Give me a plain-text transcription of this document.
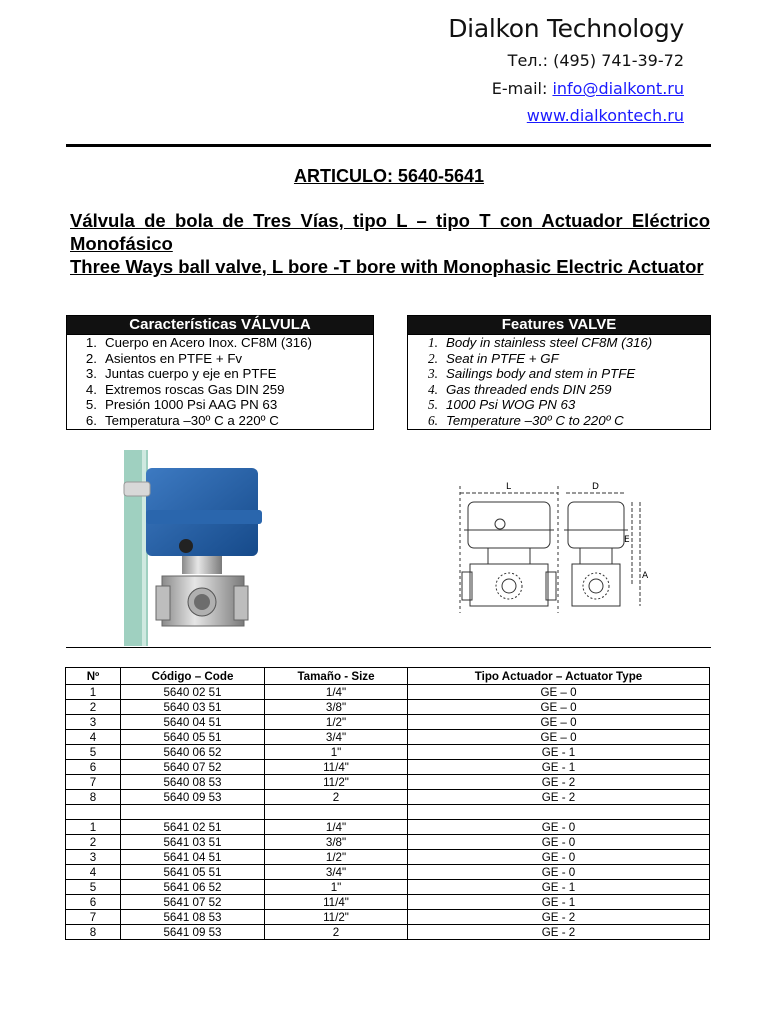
Dialkon Technology
Тел.: (495) 741-39-72
E-mail: info@dialkont.ru
www.dialkontech.ru
ARTICULO: 5640-5641
Válvula de bola de Tres Vías, tipo L – tipo T con Actuador Eléctrico Monofásico
Three Ways ball valve, L bore -T bore with Monophasic Electric Actuator
Características VÁLVULA
1. Cuerpo en Acero Inox. CF8M (316)
2. Asientos en PTFE + Fv
3. Juntas cuerpo y eje en PTFE
4. Extremos roscas Gas DIN 259
5. Presión 1000 Psi AAG PN 63
6. Temperatura –30º C a 220º C
Features VALVE
1. Body in stainless steel CF8M (316)
2. Seat in PTFE + GF
3. Sailings body and stem in PTFE
4. Gas threaded ends DIN 259
5. 1000 Psi WOG PN 63
6. Temperature –30º C to 220º C
L	D
E
A
Nº	Código – Code	Tamaño - Size	Tipo Actuador – Actuator Type
1	5640 02 51	1/4"	GE – 0
2	5640 03 51	3/8"	GE – 0
3	5640 04 51	1/2"	GE – 0
4	5640 05 51	3/4"	GE – 0
5	5640 06 52	1"	GE - 1
6	5640 07 52	11/4"	GE - 1
7	5640 08 53	11/2"	GE - 2
8	5640 09 53	2	GE - 2

1	5641 02 51	1/4"	GE - 0
2	5641 03 51	3/8"	GE - 0
3	5641 04 51	1/2"	GE - 0
4	5641 05 51	3/4"	GE - 0
5	5641 06 52	1"	GE - 1
6	5641 07 52	11/4"	GE - 1
7	5641 08 53	11/2"	GE - 2
8	5641 09 53	2	GE - 2
